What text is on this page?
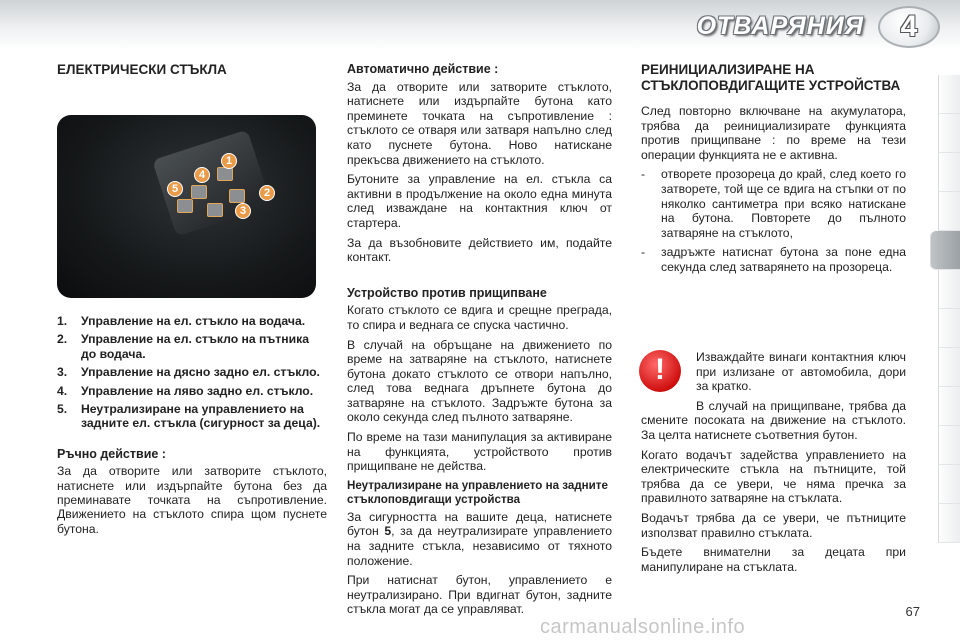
ОТВАРЯНИЯ	4
ЕЛЕКТРИЧЕСКИ СТЪКЛА
1
2
3
4
5
1.	Управление на ел. стъкло на водача.
2.	Управление на ел. стъкло на пътника до водача.
3.	Управление на дясно задно ел. стъкло.
4.	Управление на ляво задно ел. стъкло.
5.	Неутрализиране на управлението на задните ел. стъкла (сигурност за деца).
Ръчно действие :

За да отворите или затворите стъклото, натиснете или издърпайте бутона без да преминавате точката на съпротивление. Движението на стъклото спира щом пуснете бутона.

Автоматично действие :

За да отворите или затворите стъклото, натиснете или издърпайте бутона като преминете точката на съпротивление : стъклото се отваря или затваря напълно след като пуснете бутона. Ново натискане прекъсва движението на стъклото.

Бутоните за управление на ел. стъкла са активни в продължение на около една минута след изваждане на контактния ключ от стартера.

За да възобновите действието им, подайте контакт.

Устройство против прищипване

Когато стъклото се вдига и срещне преграда, то спира и веднага се спуска частично.

В случай на обръщане на движението по време на затваряне на стъклото, натиснете бутона докато стъклото се отвори напълно, след това веднага дръпнете бутона до затваряне на стъклото. Задръжте бутона за около секунда след пълното затваряне.

По време на тази манипулация за активиране на функцията, устройството против прищипване не действа.

Неутрализиране на управлението на задните стъклоповдигащи устройства

За сигурността на вашите деца, натиснете бутон 5, за да неутрализирате управлението на задните стъкла, независимо от тяхното положение.

При натиснат бутон, управлението е неутрализирано. При вдигнат бутон, задните стъкла могат да се управляват.

РЕИНИЦИАЛИЗИРАНЕ НА СТЪКЛОПОВДИГАЩИТЕ УСТРОЙСТВА

След повторно включване на акумулатора, трябва да реинициализирате функцията против прищипване : по време на тези операции функцията не е активна.

-	отворете прозореца до край, след което го затворете, той ще се вдига на стъпки от по няколко сантиметра при всяко натискане на бутона. Повторете до пълното затваряне на стъклото,

-	задръжте натиснат бутона за поне една секунда след затварянето на прозореца.

!	Изваждайте винаги контактния ключ при излизане от автомобила, дори за кратко.

В случай на прищипване, трябва да смените посоката на движение на стъклото. За целта натиснете съответния бутон.

Когато водачът задейства управлението на електрическите стъкла на пътниците, той трябва да се увери, че няма пречка за правилното затваряне на стъклата.

Водачът трябва да се увери, че пътниците използват правилно стъклата.

Бъдете внимателни за децата при манипулиране на стъклата.

67
carmanualsonline.info
